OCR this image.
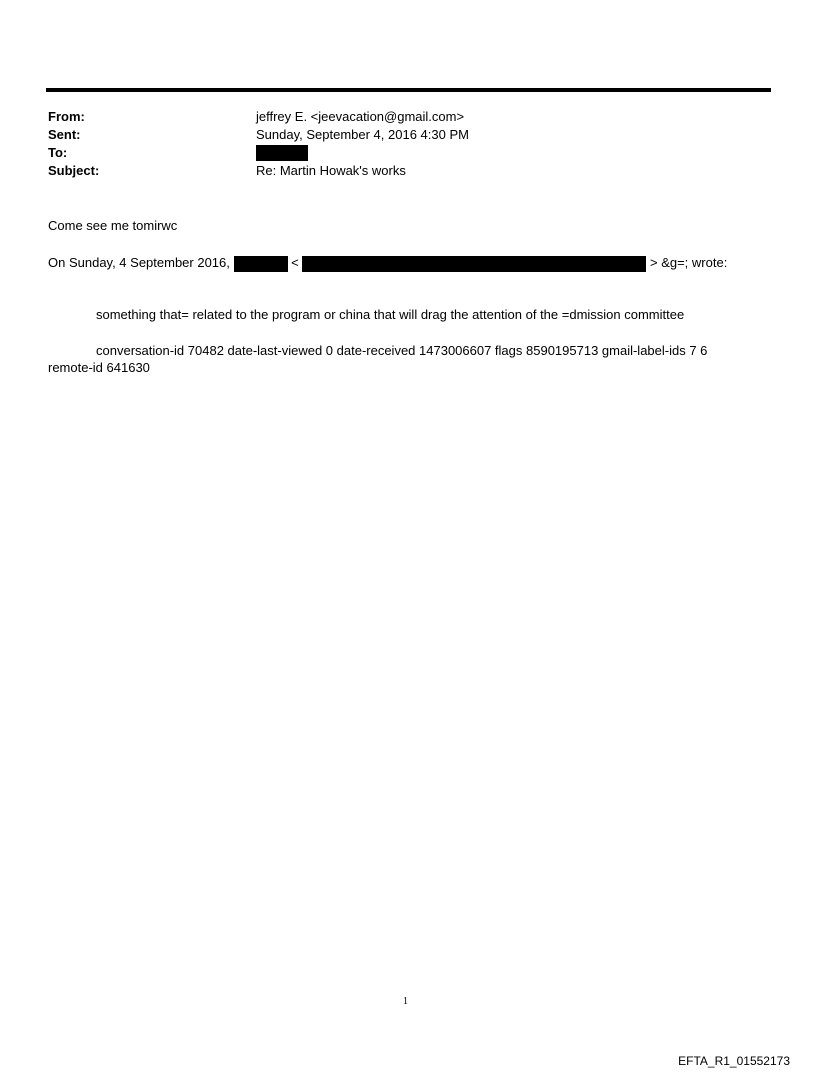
From:	jeffrey E. <jeevacation@gmail.com>
Sent:	Sunday, September 4, 2016 4:30 PM
To:
Subject:	Re: Martin Howak's works
Come see me tomirwc
On Sunday, 4 September 2016,	<	> &g=; wrote:
something that= related to the program or china that will drag the attention of the =dmission committee
conversation-id 70482 date-last-viewed 0 date-received 1473006607 flags 8590195713 gmail-label-ids 7 6
remote-id 641630
1
EFTA_R1_01552173
